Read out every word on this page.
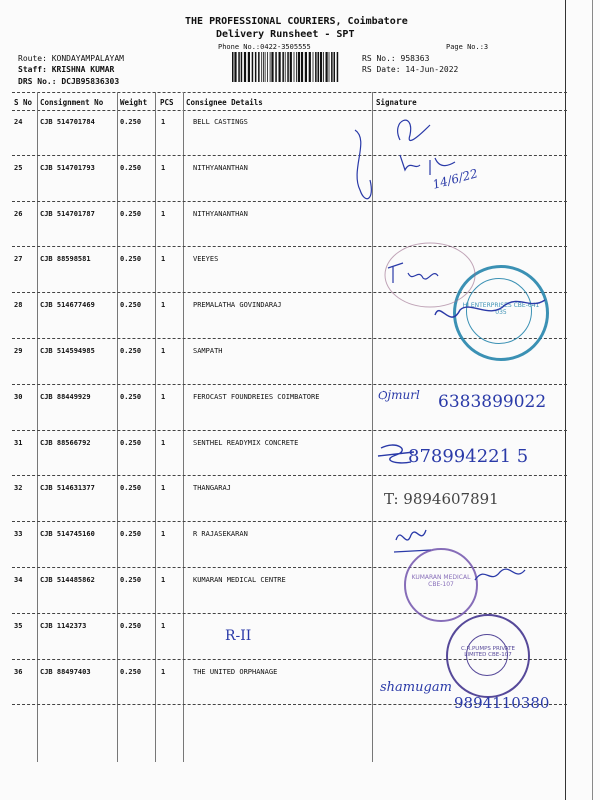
THE PROFESSIONAL COURIERS, Coimbatore
Delivery Runsheet - SPT
Phone No.:0422-3505555	Page No.:3
Route: KONDAYAMPALAYAM
Staff: KRISHNA KUMAR
DRS No.: DCJB95836303
RS No.: 958363
RS Date: 14-Jun-2022
S No Consignment No Weight PCS Consignee Details	Signature
24	CJB 514701784	0.250	1	BELL CASTINGS
25	CJB 514701793	0.250	1	NITHYANANTHAN
26	CJB 514701787	0.250	1	NITHYANANTHAN
27	CJB 88598581	0.250	1	VEEYES
28	CJB 514677469	0.250	1	PREMALATHA GOVINDARAJ
29	CJB 514594985	0.250	1	SAMPATH
30	CJB 88449929	0.250	1	FEROCAST FOUNDREIES COIMBATORE
31	CJB 88566792	0.250	1	SENTHEL READYMIX CONCRETE
32	CJB 514631377	0.250	1	THANGARAJ
33	CJB 514745160	0.250	1	R RAJASEKARAN
34	CJB 514485862	0.250	1	KUMARAN MEDICAL CENTRE
35	CJB 1142373	0.250	1
36	CJB 88497403	0.250	1	THE UNITED ORPHANAGE
14/6/22
HI ENTERPRISES CBE-641 035
Ѻjmurl 6383899022
878994221 5
T: 9894607891
KUMARAN MEDICAL CBE-107
R-II
C.R.PUMPS PRIVATE LIMITED CBE-107
shamugam
9894110380
